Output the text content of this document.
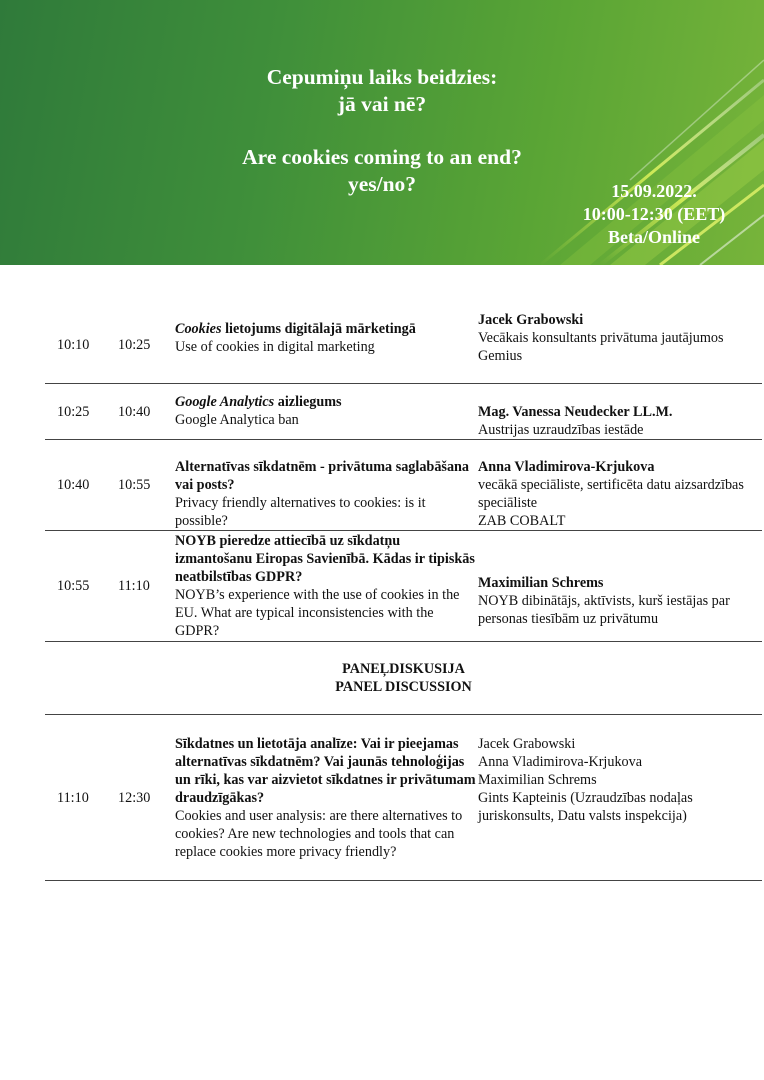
Cepumiņu laiks beidzies:
jā vai nē?
Are cookies coming to an end?
yes/no?	15.09.2022.
10:00-12:30 (EET)
Beta/Online
10:10	10:25
Cookies lietojums digitālajā mārketingā
Use of cookies in digital marketing
Jacek Grabowski
Vecākais konsultants privātuma jautājumos
Gemius
10:25	10:40
Google Analytics aizliegums
Google Analytica ban	Mag. Vanessa Neudecker LL.M.
Austrijas uzraudzības iestāde
10:40	10:55
Alternatīvas sīkdatnēm - privātuma saglabāšana vai posts?
Privacy friendly alternatives to cookies: is it possible?
Anna Vladimirova-Krjukova
vecākā speciāliste, sertificēta datu aizsardzības speciāliste
ZAB COBALT
10:55	11:10
NOYB pieredze attiecībā uz sīkdatņu izmantošanu Eiropas Savienībā. Kādas ir tipiskās neatbilstības GDPR?
NOYB’s experience with the use of cookies in the EU. What are typical inconsistencies with the GDPR?
Maximilian Schrems
NOYB dibinātājs, aktīvists, kurš iestājas par personas tiesībām uz privātumu
PANEĻDISKUSIJA
PANEL DISCUSSION
11:10	12:30
Sīkdatnes un lietotāja analīze: Vai ir pieejamas alternatīvas sīkdatnēm? Vai jaunās tehnoloģijas un rīki, kas var aizvietot sīkdatnes ir privātumam draudzīgākas?
Cookies and user analysis: are there alternatives to cookies? Are new technologies and tools that can replace cookies more privacy friendly?
Jacek Grabowski
Anna Vladimirova-Krjukova
Maximilian Schrems
Gints Kapteinis (Uzraudzības nodaļas juriskonsults, Datu valsts inspekcija)
